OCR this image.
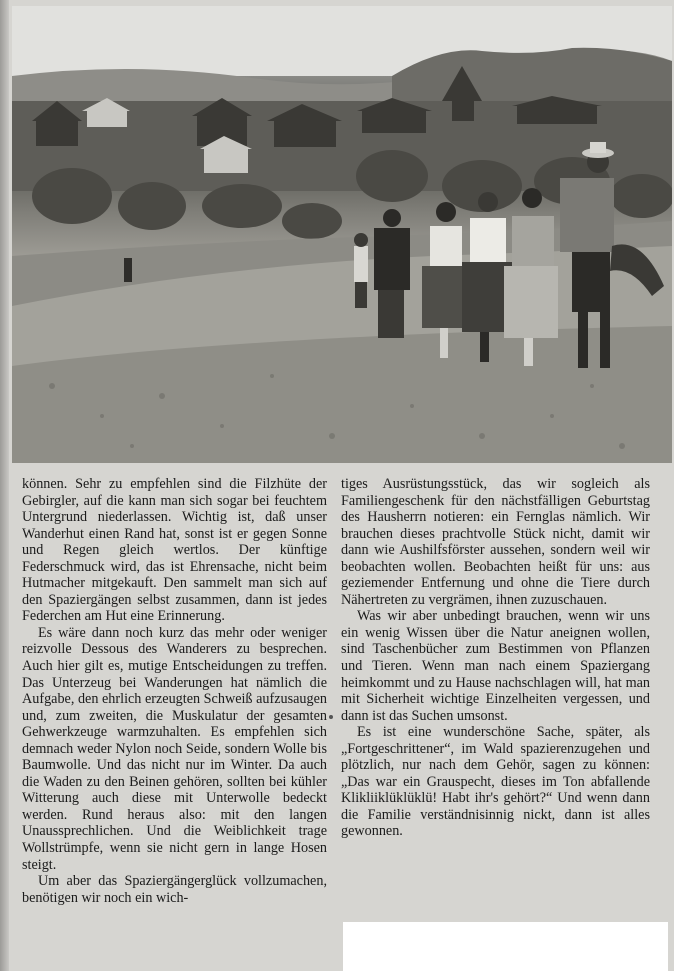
können. Sehr zu empfehlen sind die Filzhüte der Gebirgler, auf die kann man sich sogar bei feuchtem Untergrund niederlassen. Wichtig ist, daß unser Wanderhut einen Rand hat, sonst ist er gegen Sonne und Regen gleich wertlos. Der künftige Federschmuck wird, das ist Ehrensache, nicht beim Hutmacher mitgekauft. Den sammelt man sich auf den Spaziergängen selbst zusammen, dann ist jedes Federchen am Hut eine Erinnerung.

Es wäre dann noch kurz das mehr oder weniger reizvolle Dessous des Wanderers zu besprechen. Auch hier gilt es, mutige Entscheidungen zu treffen. Das Unterzeug bei Wanderungen hat nämlich die Aufgabe, den ehrlich erzeugten Schweiß aufzusaugen und, zum zweiten, die Muskulatur der gesamten Gehwerkzeuge warmzuhalten. Es empfehlen sich demnach weder Nylon noch Seide, sondern Wolle bis Baumwolle. Und das nicht nur im Winter. Da auch die Waden zu den Beinen gehören, sollten bei kühler Witterung auch diese mit Unterwolle bedeckt werden. Rund heraus also: mit den langen Unaussprechlichen. Und die Weiblichkeit trage Wollstrümpfe, wenn sie nicht gern in lange Hosen steigt.

Um aber das Spaziergängerglück vollzumachen, benötigen wir noch ein wich-

tiges Ausrüstungsstück, das wir sogleich als Familiengeschenk für den nächstfälligen Geburtstag des Hausherrn notieren: ein Fernglas nämlich. Wir brauchen dieses prachtvolle Stück nicht, damit wir dann wie Aushilfsförster aussehen, sondern weil wir beobachten wollen. Beobachten heißt für uns: aus geziemender Entfernung und ohne die Tiere durch Nähertreten zu vergrämen, ihnen zuzuschauen.

Was wir aber unbedingt brauchen, wenn wir uns ein wenig Wissen über die Natur aneignen wollen, sind Taschenbücher zum Bestimmen von Pflanzen und Tieren. Wenn man nach einem Spaziergang heimkommt und zu Hause nachschlagen will, hat man mit Sicherheit wichtige Einzelheiten vergessen, und dann ist das Suchen umsonst.

Es ist eine wunderschöne Sache, später, als „Fortgeschrittener“, im Wald spazierenzugehen und plötzlich, nur nach dem Gehör, sagen zu können: „Das war ein Grauspecht, dieses im Ton abfallende Klikliiklüklüklü! Habt ihr's gehört?“ Und wenn dann die Familie verständnisinnig nickt, dann ist alles gewonnen.
